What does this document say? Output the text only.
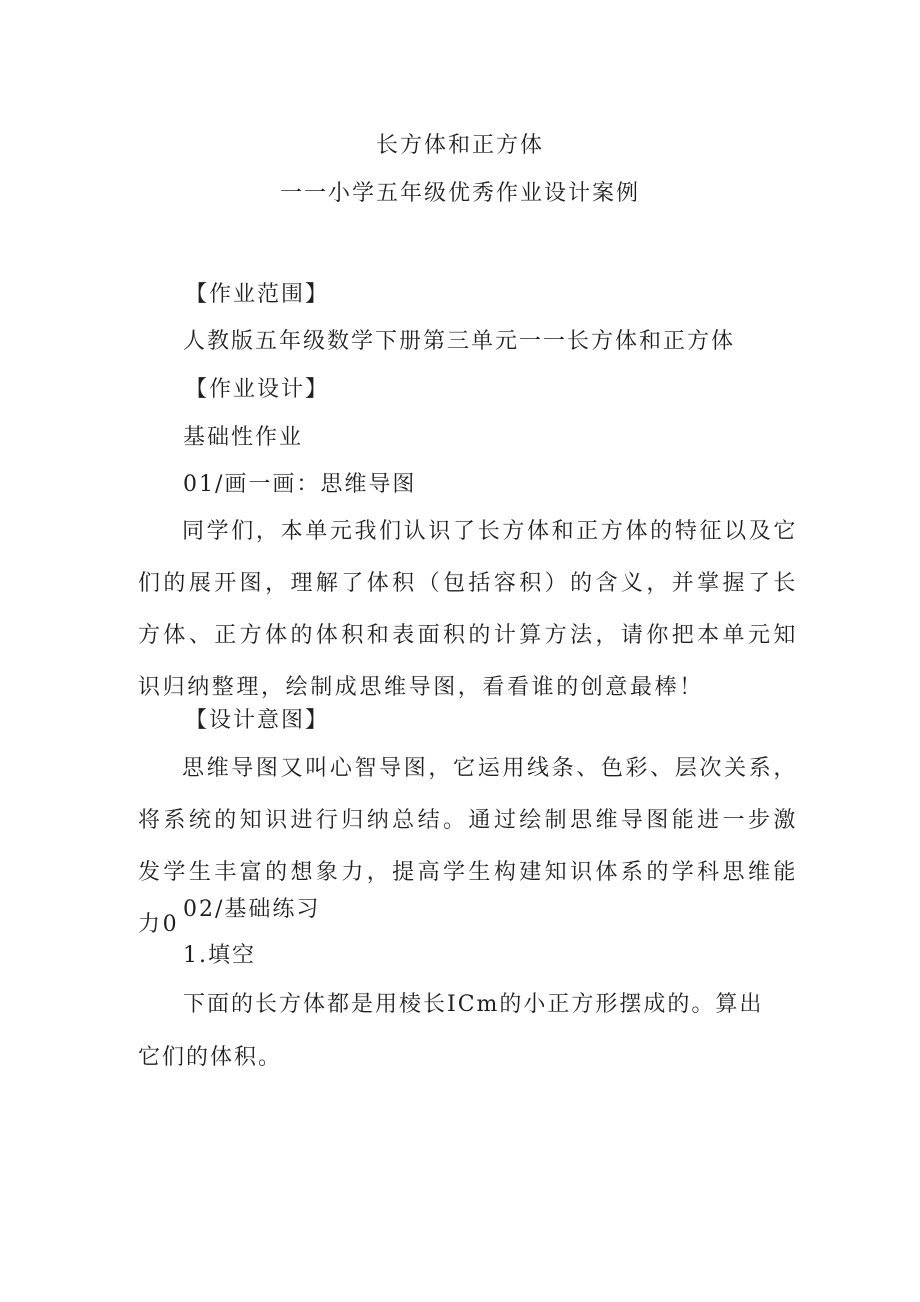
长方体和正方体
一一小学五年级优秀作业设计案例
【作业范围】
人教版五年级数学下册第三单元一一长方体和正方体
【作业设计】
基础性作业
01/画一画：思维导图

同学们，本单元我们认识了长方体和正方体的特征以及它们的展开图，理解了体积（包括容积）的含义，并掌握了长方体、正方体的体积和表面积的计算方法，请你把本单元知识归纳整理，绘制成思维导图，看看谁的创意最棒！

【设计意图】

思维导图又叫心智导图，它运用线条、色彩、层次关系，将系统的知识进行归纳总结。通过绘制思维导图能进一步激发学生丰富的想象力，提高学生构建知识体系的学科思维能力0

02/基础练习
1.填空
下面的长方体都是用棱长ICm的小正方形摆成的。算出
它们的体积。
